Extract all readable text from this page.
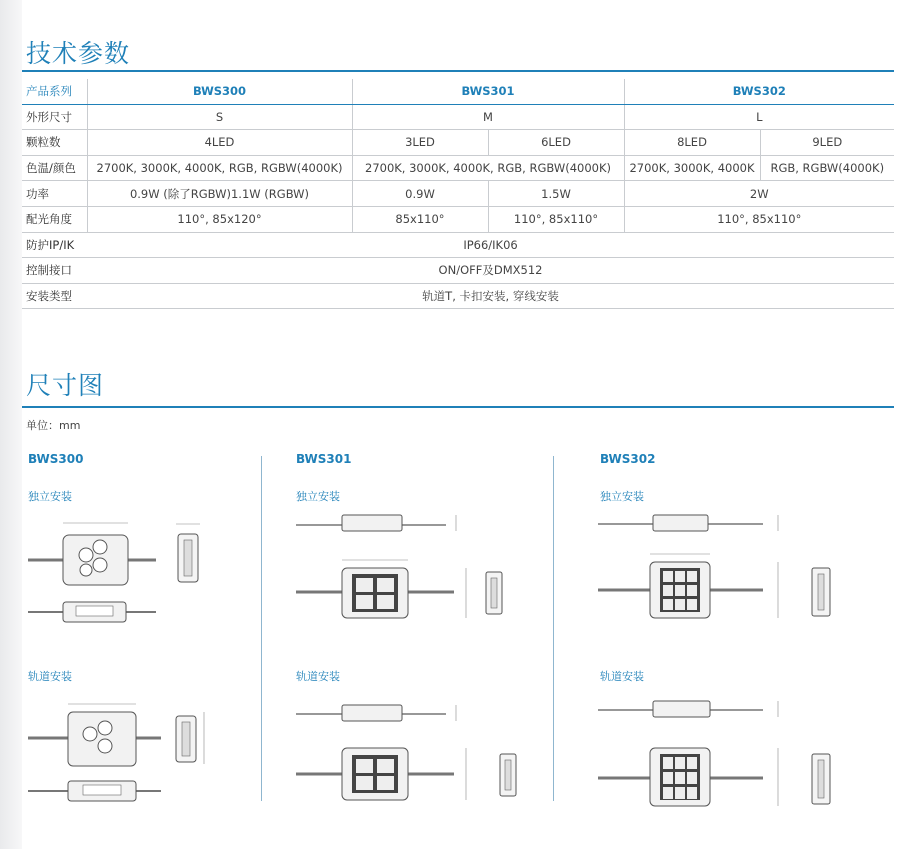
技术参数
产品系列	BWS300	BWS301		BWS302	
外形尺寸	S	M		L	
颗粒数	4LED	3LED	6LED	8LED	9LED
色温/颜色	2700K, 3000K, 4000K, RGB, RGBW(4000K)	2700K, 3000K, 4000K, RGB, RGBW(4000K)		2700K, 3000K, 4000K	RGB, RGBW(4000K)
功率	0.9W (除了RGBW)1.1W (RGBW)	0.9W	1.5W	2W	
配光角度	110°, 85x120°	85x110°	110°, 85x110°	110°, 85x110°	
防护IP/IK	IP66/IK06				
控制接口	ON/OFF及DMX512				
安装类型	轨道T, 卡扣安装, 穿线安装				
尺寸图
单位：mm
BWS300	BWS301	BWS302
独立安装	独立安装	独立安装
轨道安装	轨道安装	轨道安装
